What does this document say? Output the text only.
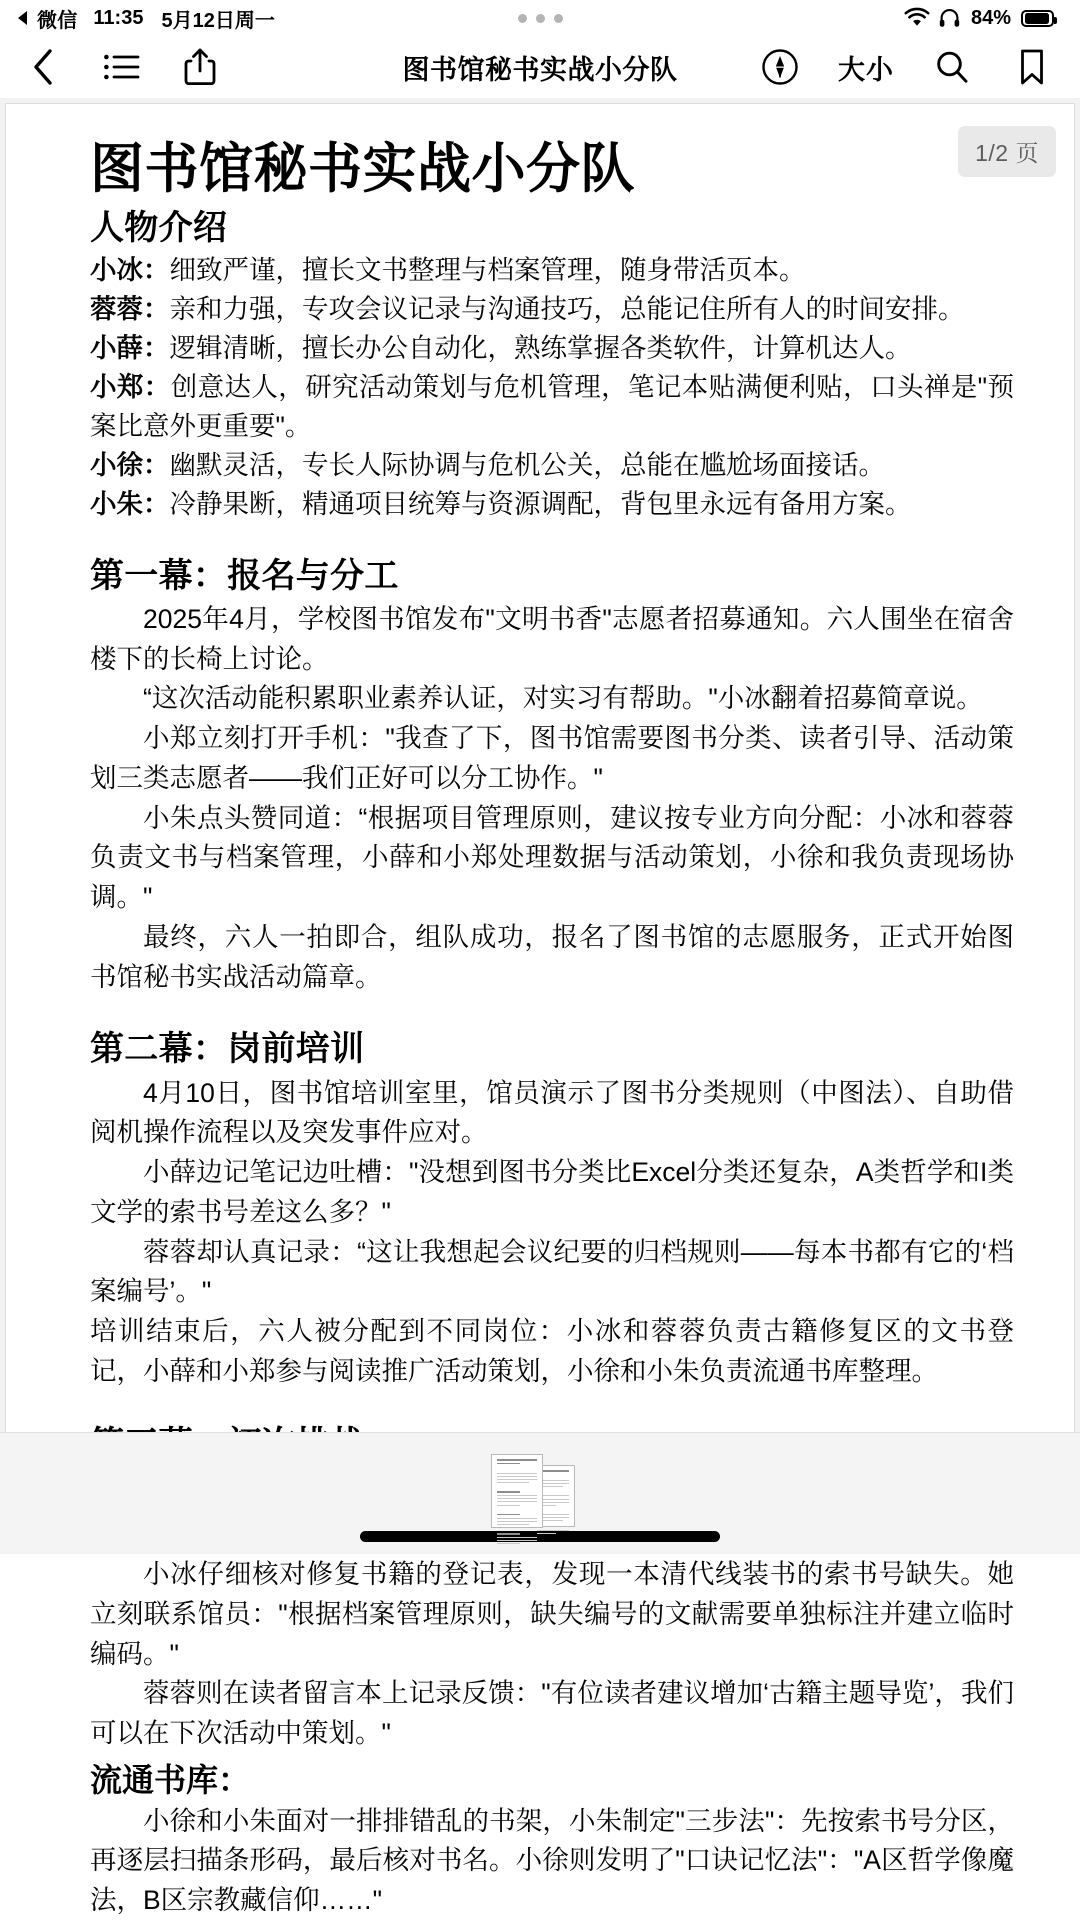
微信 11:35 5月12日周一	84%
图书馆秘书实战小分队	大小
1/2 页
图书馆秘书实战小分队
人物介绍

小冰：细致严谨，擅长文书整理与档案管理，随身带活页本。

蓉蓉：亲和力强，专攻会议记录与沟通技巧，总能记住所有人的时间安排。

小薛：逻辑清晰，擅长办公自动化，熟练掌握各类软件，计算机达人。

小郑：创意达人，研究活动策划与危机管理，笔记本贴满便利贴，口头禅是"预案比意外更重要"。

小徐：幽默灵活，专长人际协调与危机公关，总能在尴尬场面接话。

小朱：冷静果断，精通项目统筹与资源调配，背包里永远有备用方案。

第一幕：报名与分工

2025年4月，学校图书馆发布"文明书香"志愿者招募通知。六人围坐在宿舍楼下的长椅上讨论。

“这次活动能积累职业素养认证，对实习有帮助。"小冰翻着招募简章说。

小郑立刻打开手机："我查了下，图书馆需要图书分类、读者引导、活动策划三类志愿者——我们正好可以分工协作。"

小朱点头赞同道：“根据项目管理原则，建议按专业方向分配：小冰和蓉蓉负责文书与档案管理，小薛和小郑处理数据与活动策划，小徐和我负责现场协调。"

最终，六人一拍即合，组队成功，报名了图书馆的志愿服务，正式开始图书馆秘书实战活动篇章。

第二幕：岗前培训

4月10日，图书馆培训室里，馆员演示了图书分类规则（中图法）、自助借阅机操作流程以及突发事件应对。

小薛边记笔记边吐槽："没想到图书分类比Excel分类还复杂，A类哲学和I类文学的索书号差这么多？"

蓉蓉却认真记录：“这让我想起会议纪要的归档规则——每本书都有它的‘档案编号’。"

培训结束后，六人被分配到不同岗位：小冰和蓉蓉负责古籍修复区的文书登记，小薛和小郑参与阅读推广活动策划，小徐和小朱负责流通书库整理。

小冰仔细核对修复书籍的登记表，发现一本清代线装书的索书号缺失。她立刻联系馆员："根据档案管理原则，缺失编号的文献需要单独标注并建立临时编码。"

蓉蓉则在读者留言本上记录反馈："有位读者建议增加‘古籍主题导览’，我们可以在下次活动中策划。"

流通书库：

小徐和小朱面对一排排错乱的书架，小朱制定"三步法"：先按索书号分区，再逐层扫描条形码，最后核对书名。小徐则发明了"口诀记忆法"："A区哲学像魔法，B区宗教藏信仰……"
